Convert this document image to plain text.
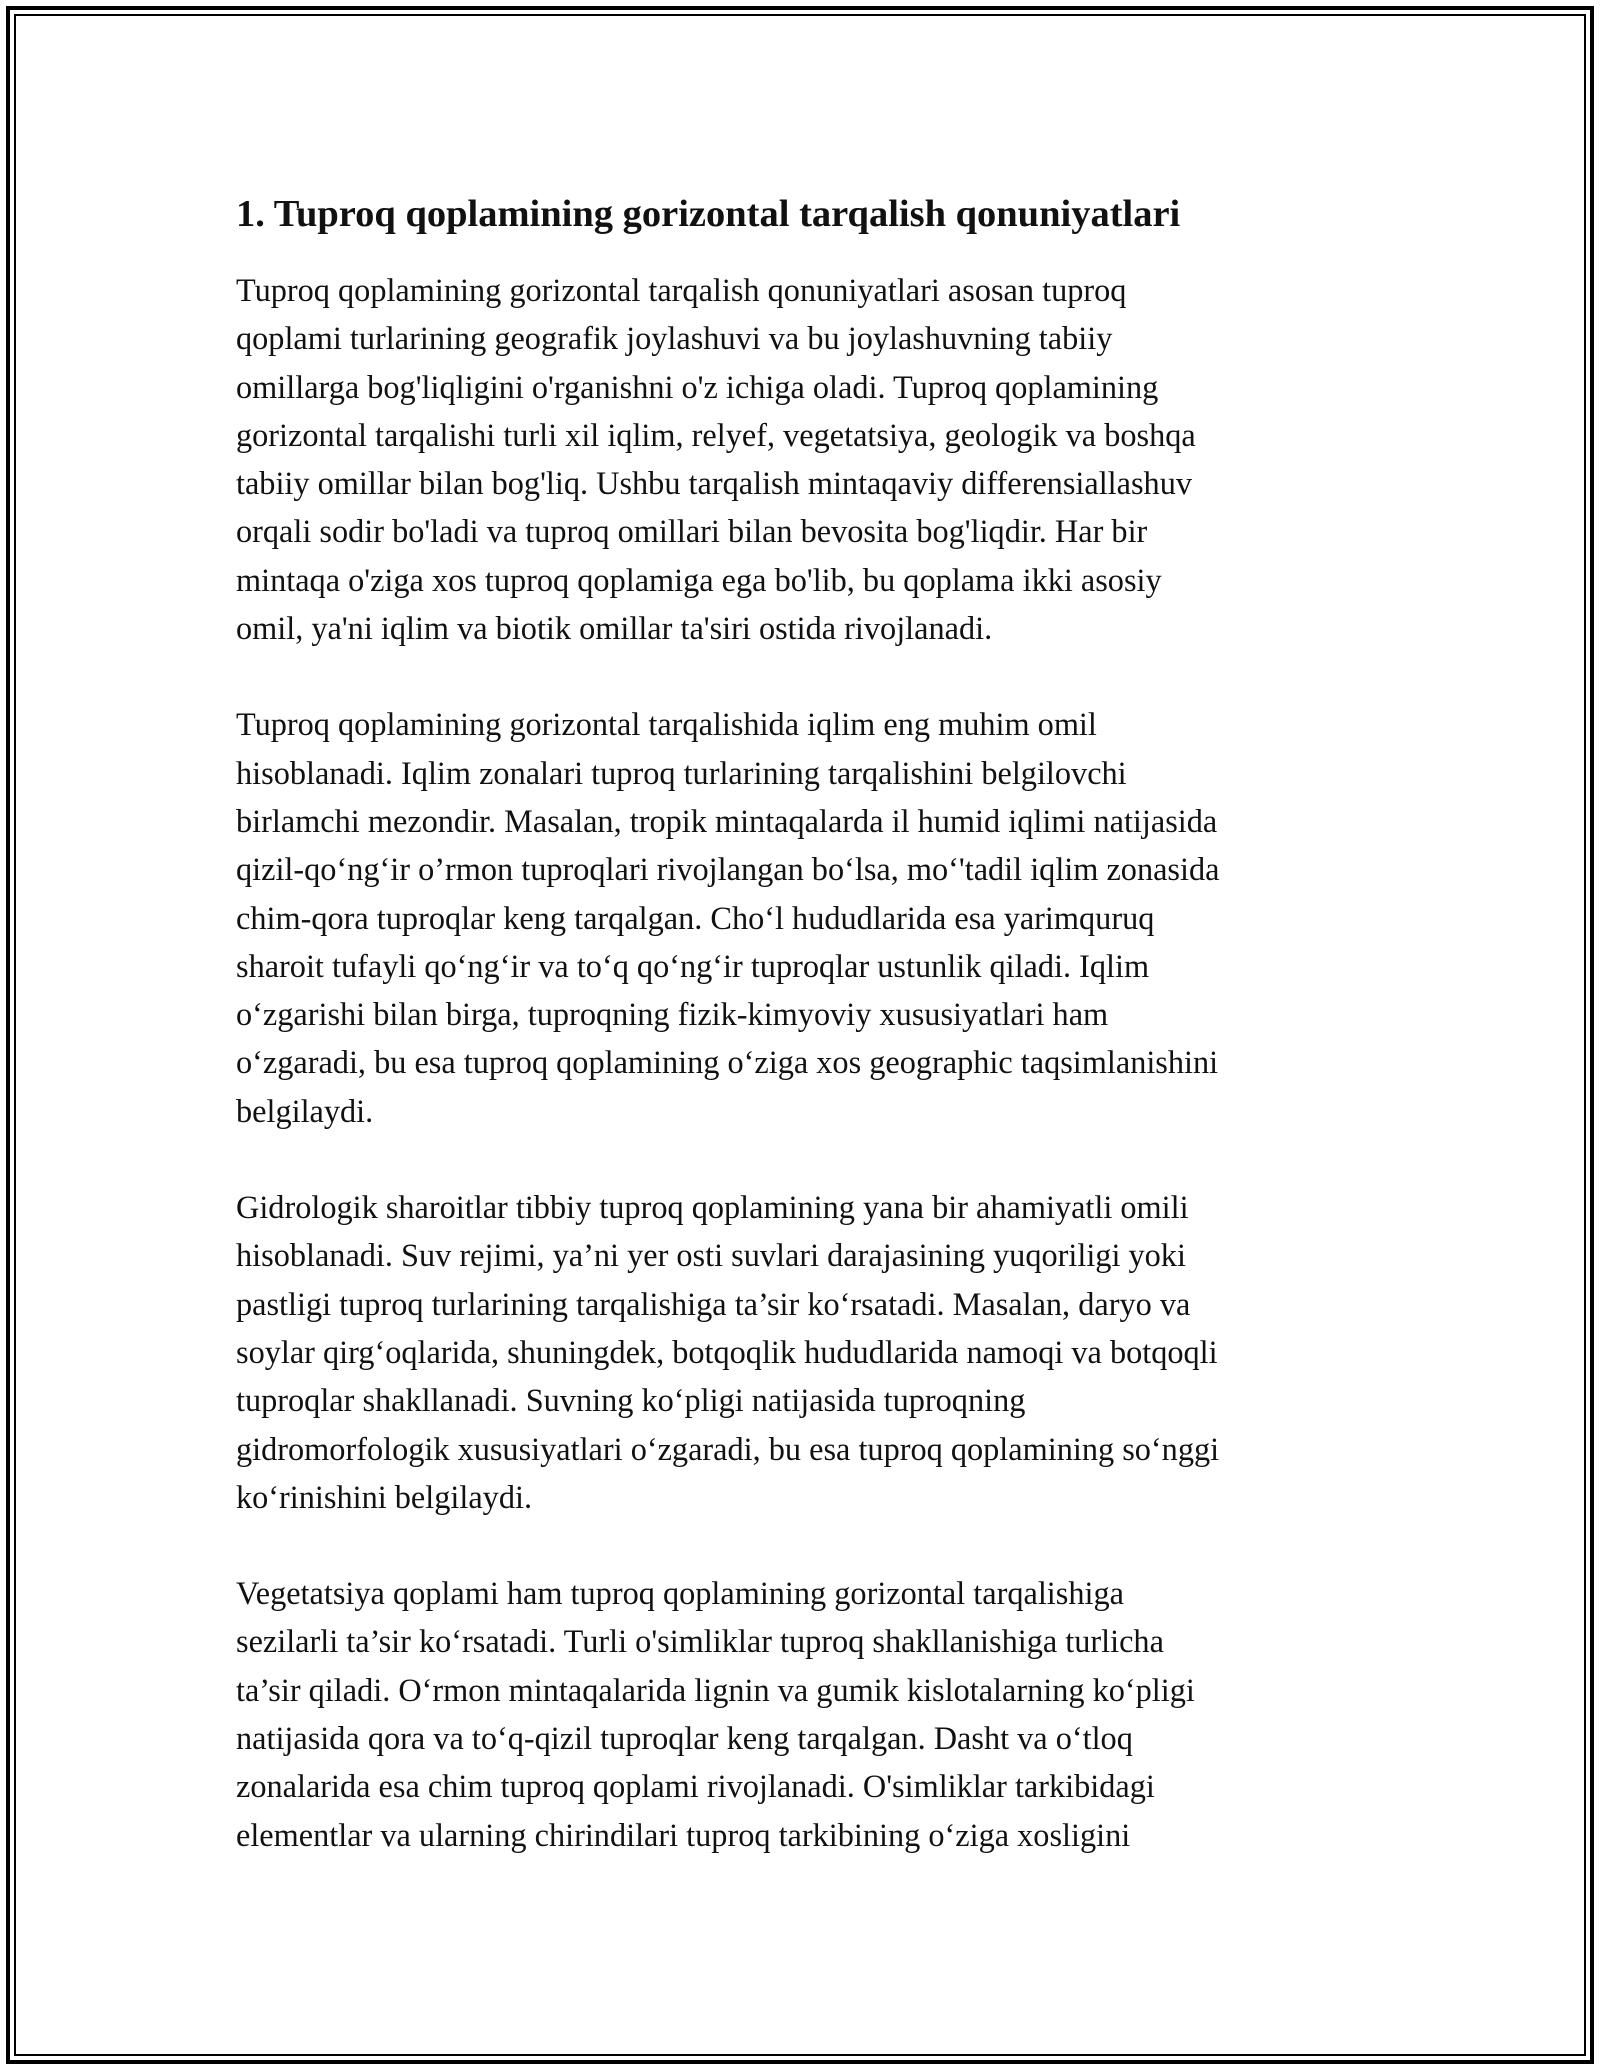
1. Tuproq qoplamining gorizontal tarqalish qonuniyatlari

Tuproq qoplamining gorizontal tarqalish qonuniyatlari asosan tuproq
qoplami turlarining geografik joylashuvi va bu joylashuvning tabiiy
omillarga bog'liqligini o'rganishni o'z ichiga oladi. Tuproq qoplamining
gorizontal tarqalishi turli xil iqlim, relyef, vegetatsiya, geologik va boshqa
tabiiy omillar bilan bog'liq. Ushbu tarqalish mintaqaviy differensiallashuv
orqali sodir bo'ladi va tuproq omillari bilan bevosita bog'liqdir. Har bir
mintaqa o'ziga xos tuproq qoplamiga ega bo'lib, bu qoplama ikki asosiy
omil, ya'ni iqlim va biotik omillar ta'siri ostida rivojlanadi.

Tuproq qoplamining gorizontal tarqalishida iqlim eng muhim omil
hisoblanadi. Iqlim zonalari tuproq turlarining tarqalishini belgilovchi
birlamchi mezondir. Masalan, tropik mintaqalarda il humid iqlimi natijasida
qizil-qo‘ng‘ir o’rmon tuproqlari rivojlangan bo‘lsa, mo‘'tadil iqlim zonasida
chim-qora tuproqlar keng tarqalgan. Cho‘l hududlarida esa yarimquruq
sharoit tufayli qo‘ng‘ir va to‘q qo‘ng‘ir tuproqlar ustunlik qiladi. Iqlim
o‘zgarishi bilan birga, tuproqning fizik-kimyoviy xususiyatlari ham
o‘zgaradi, bu esa tuproq qoplamining o‘ziga xos geographic taqsimlanishini
belgilaydi.

Gidrologik sharoitlar tibbiy tuproq qoplamining yana bir ahamiyatli omili
hisoblanadi. Suv rejimi, ya’ni yer osti suvlari darajasining yuqoriligi yoki
pastligi tuproq turlarining tarqalishiga ta’sir ko‘rsatadi. Masalan, daryo va
soylar qirg‘oqlarida, shuningdek, botqoqlik hududlarida namoqi va botqoqli
tuproqlar shakllanadi. Suvning ko‘pligi natijasida tuproqning
gidromorfologik xususiyatlari o‘zgaradi, bu esa tuproq qoplamining so‘nggi
ko‘rinishini belgilaydi.

Vegetatsiya qoplami ham tuproq qoplamining gorizontal tarqalishiga
sezilarli ta’sir ko‘rsatadi. Turli o'simliklar tuproq shakllanishiga turlicha
ta’sir qiladi. O‘rmon mintaqalarida lignin va gumik kislotalarning ko‘pligi
natijasida qora va to‘q-qizil tuproqlar keng tarqalgan. Dasht va o‘tloq
zonalarida esa chim tuproq qoplami rivojlanadi. O'simliklar tarkibidagi
elementlar va ularning chirindilari tuproq tarkibining o‘ziga xosligini
